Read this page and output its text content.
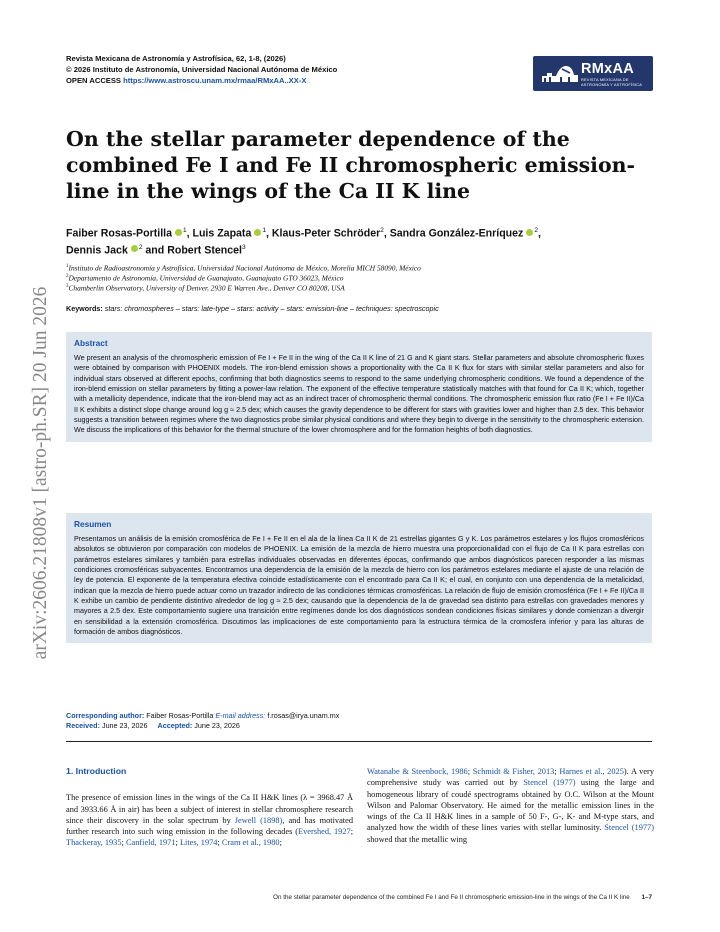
arXiv:2606.21808v1 [astro-ph.SR] 20 Jun 2026
Revista Mexicana de Astronomía y Astrofísica, 62, 1-8, (2026)
© 2026 Instituto de Astronomía, Universidad Nacional Autónoma de México
OPEN ACCESS https://www.astroscu.unam.mx/rmaa/RMxAA..XX-X
RMxAA
REVISTA MEXICANA DE
ASTRONOMÍA Y ASTROFÍSICA
On the stellar parameter dependence of the combined Fe I and Fe II chromospheric emission-line in the wings of the Ca II K line
Faiber Rosas-Portilla $^1$, Luis Zapata $^1$, Klaus-Peter Schröder$^2$, Sandra González-Enríquez $^2$,
Dennis Jack $^2$ and Robert Stencel$^3$
$^1$Instituto de Radioastronomía y Astrofísica, Universidad Nacional Autónoma de México, Morelia MICH 58090, México
$^2$Departamento de Astronomía, Universidad de Guanajuato, Guanajuato GTO 36023, México
$^3$Chamberlin Observatory, University of Denver, 2930 E Warren Ave., Denver CO 80208, USA
Keywords: stars: chromospheres – stars: late-type – stars: activity – stars: emission-line – techniques: spectroscopic
Abstract

We present an analysis of the chromospheric emission of Fe I + Fe II in the wing of the Ca II K line of 21 G and K giant stars. Stellar parameters and absolute chromospheric fluxes were obtained by comparison with PHOENIX models. The iron-blend emission shows a proportionality with the Ca II K flux for stars with similar stellar parameters and also for individual stars observed at different epochs, confirming that both diagnostics seems to respond to the same underlying chromospheric conditions. We found a dependence of the iron-blend emission on stellar parameters by fitting a power-law relation. The exponent of the effective temperature statistically matches with that found for Ca II K; which, together with a metallicity dependence, indicate that the iron-blend may act as an indirect tracer of chromospheric thermal conditions. The chromospheric emission flux ratio (Fe I + Fe II)/Ca II K exhibits a distinct slope change around log g ≈ 2.5 dex; which causes the gravity dependence to be different for stars with gravities lower and higher than 2.5 dex. This behavior suggests a transition between regimes where the two diagnostics probe similar physical conditions and where they begin to diverge in the sensitivity to the chromospheric extension. We discuss the implications of this behavior for the thermal structure of the lower chromosphere and for the formation heights of both diagnostics.

Resumen

Presentamos un análisis de la emisión cromosférica de Fe I + Fe II en el ala de la línea Ca II K de 21 estrellas gigantes G y K. Los parámetros estelares y los flujos cromosféricos absolutos se obtuvieron por comparación con modelos de PHOENIX. La emisión de la mezcla de hierro muestra una proporcionalidad con el flujo de Ca II K para estrellas con parámetros estelares similares y también para estrellas individuales observadas en diferentes épocas, confirmando que ambos diagnósticos parecen responder a las mismas condiciones cromosféricas subyacentes. Encontramos una dependencia de la emisión de la mezcla de hierro con los parámetros estelares mediante el ajuste de una relación de ley de potencia. El exponente de la temperatura efectiva coincide estadísticamente con el encontrado para Ca II K; el cual, en conjunto con una dependencia de la metalicidad, indican que la mezcla de hierro puede actuar como un trazador indirecto de las condiciones térmicas cromosféricas. La relación de flujo de emisión cromosférica (Fe I + Fe II)/Ca II K exhibe un cambio de pendiente distintivo alrededor de log g ≈ 2.5 dex; causando que la dependencia de la de gravedad sea distinto para estrellas con gravedades menores y mayores a 2.5 dex. Este comportamiento sugiere una transición entre regímenes donde los dos diagnósticos sondean condiciones físicas similares y donde comienzan a divergir en sensibilidad a la extensión cromosférica. Discutimos las implicaciones de este comportamiento para la estructura térmica de la cromosfera inferior y para las alturas de formación de ambos diagnósticos.

Corresponding author: Faiber Rosas-Portilla E-mail address: f.rosas@irya.unam.mx
Received: June 23, 2026 Accepted: June 23, 2026
1. Introduction

The presence of emission lines in the wings of the Ca II H&K lines (λ = 3968.47 Å and 3933.66 Å in air) has been a subject of interest in stellar chromosphere research since their discovery in the solar spectrum by Jewell (1898), and has motivated further research into such wing emission in the following decades (Evershed, 1927; Thackeray, 1935; Canfield, 1971; Lites, 1974; Cram et al., 1980;

Watanabe & Steenbock, 1986; Schmidt & Fisher, 2013; Harnes et al., 2025). A very comprehensive study was carried out by Stencel (1977) using the large and homogeneous library of coudé spectrograms obtained by O.C. Wilson at the Mount Wilson and Palomar Observatory. He aimed for the metallic emission lines in the wings of the Ca II H&K lines in a sample of 50 F-, G-, K- and M-type stars, and analyzed how the width of these lines varies with stellar luminosity. Stencel (1977) showed that the metallic wing

On the stellar parameter dependence of the combined Fe I and Fe II chromospheric emission-line in the wings of the Ca II K line 1–7
